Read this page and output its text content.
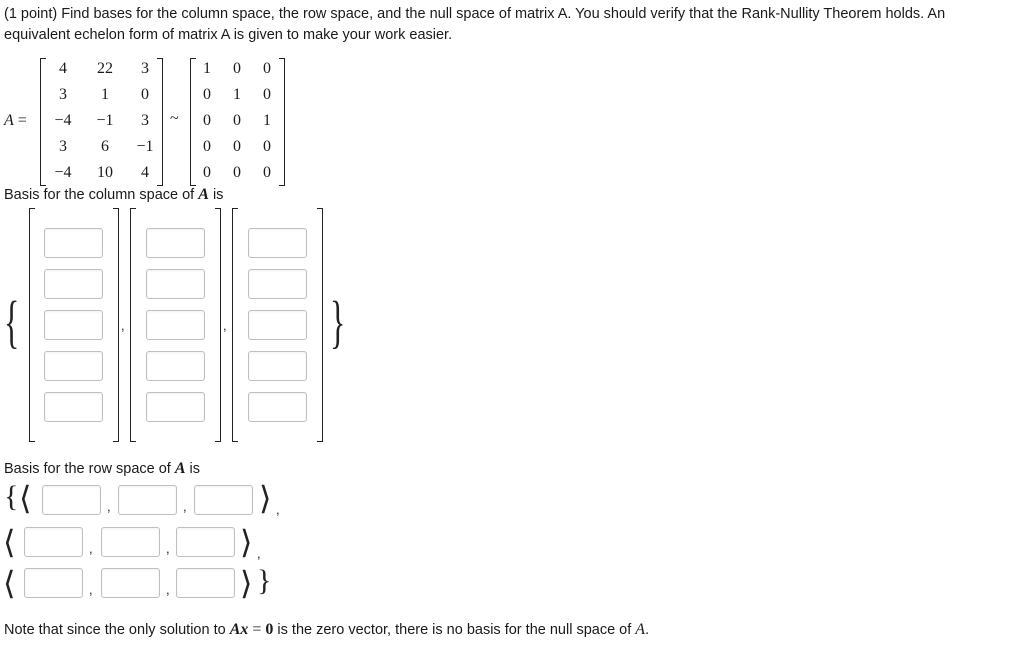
(1 point) Find bases for the column space, the row space, and the null space of matrix A. You should verify that the Rank-Nullity Theorem holds. An equivalent echelon form of matrix A is given to make your work easier.
A =
4	22	3
3	1	0
−4	−1	3
3	6	−1
−4	10	4
~
1	0	0
0	1	0
0	0	1
0	0	0
0	0	0
Basis for the column space of A is
{	}
,	,
Basis for the row space of A is
{
}
⟨	⟩ ,
⟨	⟩ ,
⟨	⟩
,	,
,	,
,	,
Note that since the only solution to Ax = 0 is the zero vector, there is no basis for the null space of A.
